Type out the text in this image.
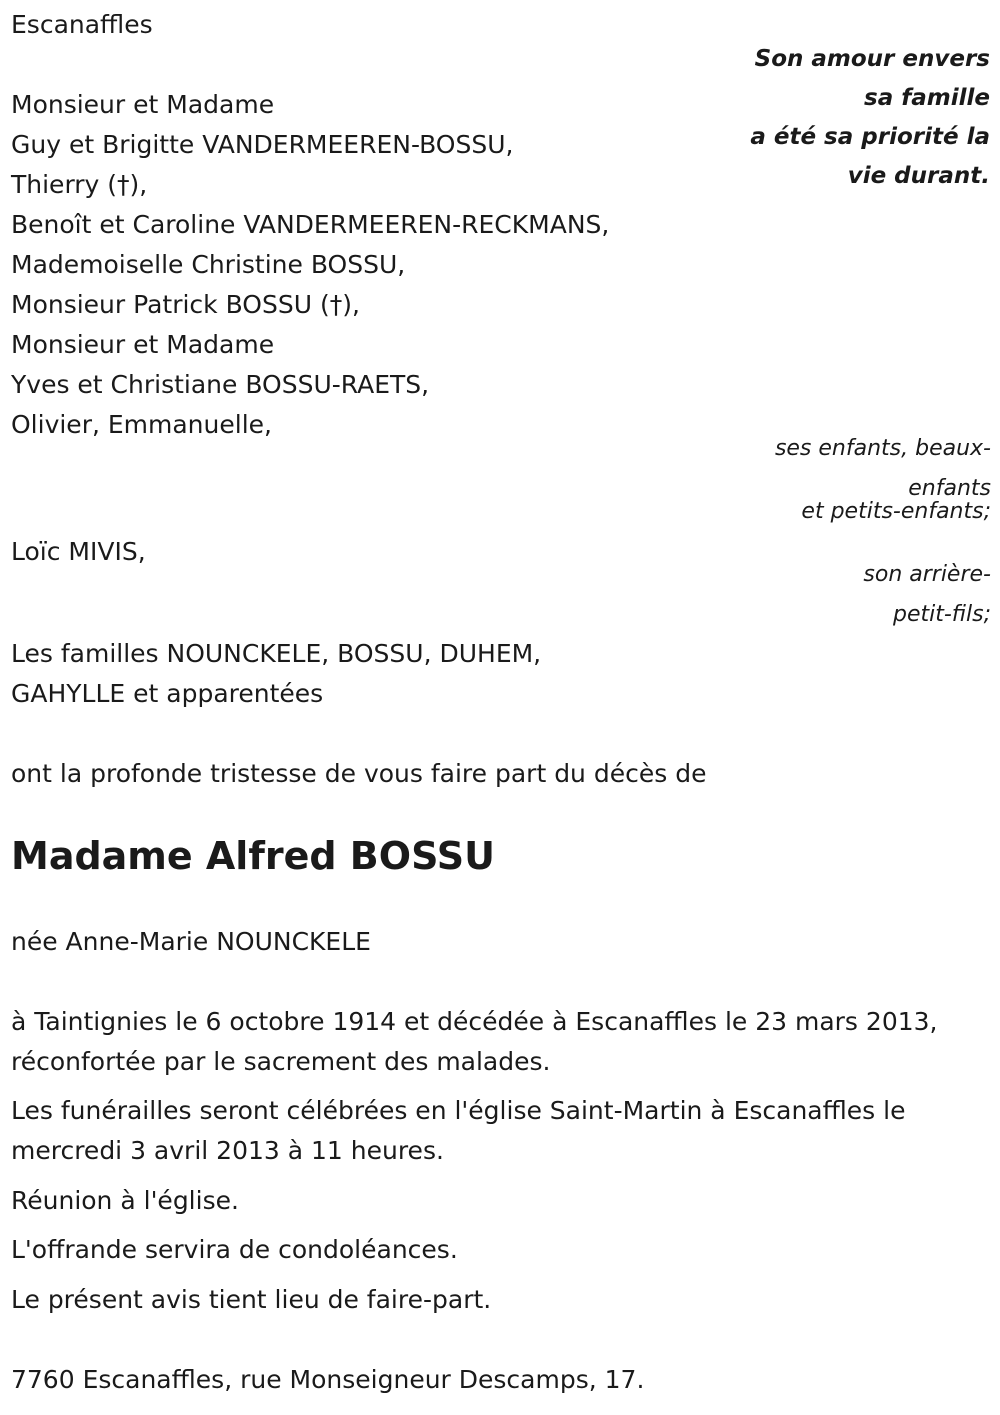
Escanaffles

Son amour envers
sa famille
a été sa priorité la
vie durant.

Monsieur et Madame

Guy et Brigitte VANDERMEEREN-BOSSU,

Thierry (†),

Benoît et Caroline VANDERMEEREN-RECKMANS,

Mademoiselle Christine BOSSU,

Monsieur Patrick BOSSU (†),

Monsieur et Madame

Yves et Christiane BOSSU-RAETS,

Olivier, Emmanuelle,

ses enfants, beaux-
enfants
et petits-enfants;

Loïc MIVIS,

son arrière-
petit-fils;

Les familles NOUNCKELE, BOSSU, DUHEM,

GAHYLLE et apparentées

ont la profonde tristesse de vous faire part du décès de

Madame Alfred BOSSU

née Anne-Marie NOUNCKELE

à Taintignies le 6 octobre 1914 et décédée à Escanaffles le 23 mars 2013, réconfortée par le sacrement des malades.

Les funérailles seront célébrées en l'église Saint-Martin à Escanaffles le mercredi 3 avril 2013 à 11 heures.

Réunion à l'église.

L'offrande servira de condoléances.

Le présent avis tient lieu de faire-part.

7760 Escanaffles, rue Monseigneur Descamps, 17.
